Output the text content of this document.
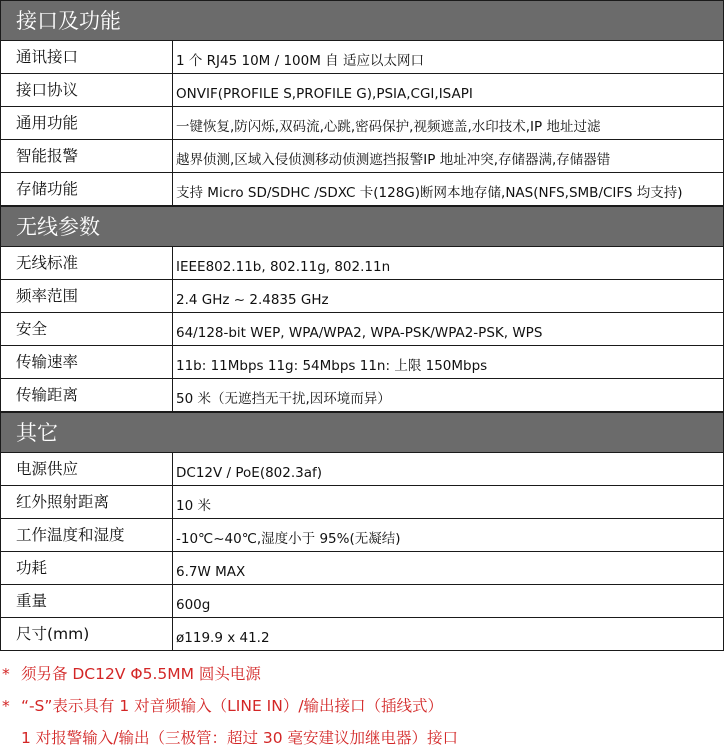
接口及功能
通讯接口	1 个 RJ45 10M / 100M 自 适应以太网口
接口协议	ONVIF(PROFILE S,PROFILE G),PSIA,CGI,ISAPI
通用功能	一键恢复,防闪烁,双码流,心跳,密码保护,视频遮盖,水印技术,IP 地址过滤
智能报警	越界侦测,区域入侵侦测移动侦测遮挡报警IP 地址冲突,存储器满,存储器错
存储功能	支持 Micro SD/SDHC /SDXC 卡(128G)断网本地存储,NAS(NFS,SMB/CIFS 均支持)
无线参数
无线标准	IEEE802.11b, 802.11g, 802.11n
频率范围	2.4 GHz ~ 2.4835 GHz
安全	64/128-bit WEP, WPA/WPA2, WPA-PSK/WPA2-PSK, WPS
传输速率	11b: 11Mbps 11g: 54Mbps 11n: 上限 150Mbps
传输距离	50 米（无遮挡无干扰,因环境而异）
其它
电源供应	DC12V / PoE(802.3af)
红外照射距离	10 米
工作温度和湿度	-10℃~40℃,湿度小于 95%(无凝结)
功耗	6.7W MAX
重量	600g
尺寸(mm)	ø119.9 x 41.2
* 须另备 DC12V Φ5.5MM 圆头电源
* “-S”表示具有 1 对音频输入（LINE IN）/输出接口（插线式）
1 对报警输入/输出（三极管：超过 30 毫安建议加继电器）接口
